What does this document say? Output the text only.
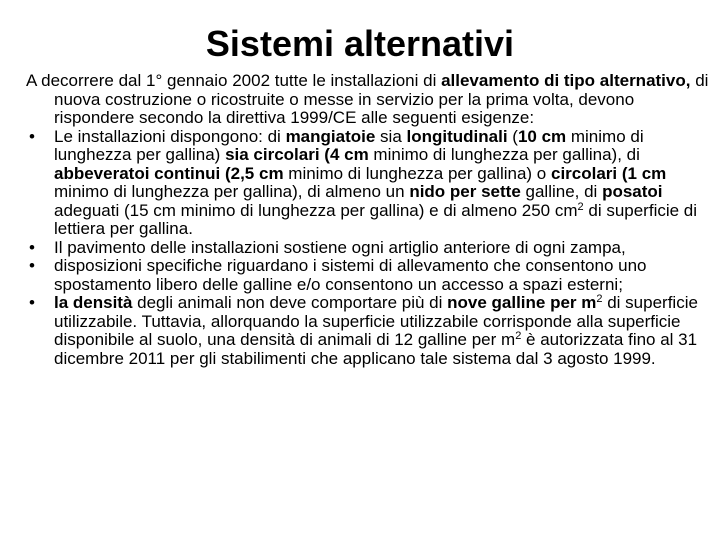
Sistemi alternativi

A decorrere dal 1° gennaio 2002 tutte le installazioni di allevamento di tipo alternativo, di nuova costruzione o ricostruite o messe in servizio per la prima volta, devono rispondere secondo la direttiva 1999/CE alle seguenti esigenze:

• Le installazioni dispongono: di mangiatoie sia longitudinali (10 cm minimo di lunghezza per gallina) sia circolari (4 cm minimo di lunghezza per gallina), di abbeveratoi continui (2,5 cm minimo di lunghezza per gallina) o circolari (1 cm minimo di lunghezza per gallina), di almeno un nido per sette galline, di posatoi adeguati (15 cm minimo di lunghezza per gallina) e di almeno 250 $cm^2$ di superficie di lettiera per gallina.
• Il pavimento delle installazioni sostiene ogni artiglio anteriore di ogni zampa,
• disposizioni specifiche riguardano i sistemi di allevamento che consentono uno spostamento libero delle galline e/o consentono un accesso a spazi esterni;
• la densità degli animali non deve comportare più di nove galline per $m^2$ di superficie utilizzabile. Tuttavia, allorquando la superficie utilizzabile corrisponde alla superficie disponibile al suolo, una densità di animali di 12 galline per $m^2$ è autorizzata fino al 31 dicembre 2011 per gli stabilimenti che applicano tale sistema dal 3 agosto 1999.
